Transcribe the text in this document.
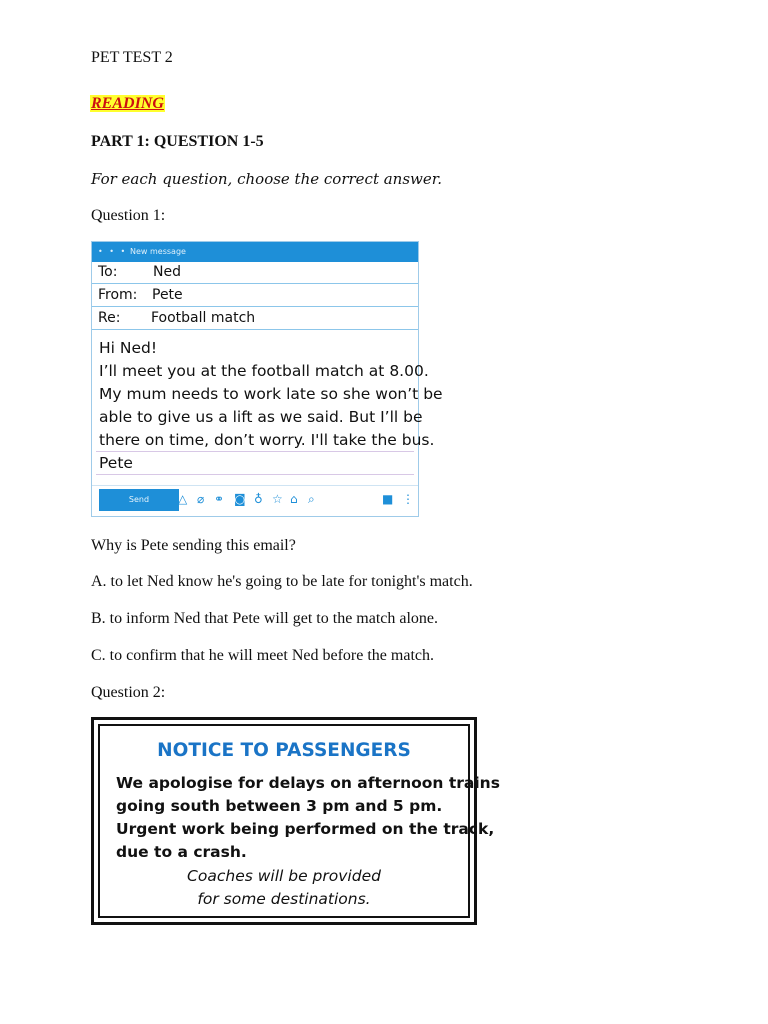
PET TEST 2
READING
PART 1: QUESTION 1-5
For each question, choose the correct answer.
Question 1:
• • • New message
To:	Ned
From: Pete
Re: Football match
Hi Ned!
I’ll meet you at the football match at 8.00.
My mum needs to work late so she won’t be
able to give us a lift as we said. But I’ll be
there on time, don’t worry. I'll take the bus.
Pete
Send	△ ⌀ ⚭ ◙ ♁ ☆ ⌂ ⌕	■ ⋮
Why is Pete sending this email?
A. to let Ned know he's going to be late for tonight's match.
B. to inform Ned that Pete will get to the match alone.
C. to confirm that he will meet Ned before the match.
Question 2:
NOTICE TO PASSENGERS
We apologise for delays on afternoon trains
going south between 3 pm and 5 pm.
Urgent work being performed on the track,
due to a crash.
Coaches will be provided
for some destinations.
